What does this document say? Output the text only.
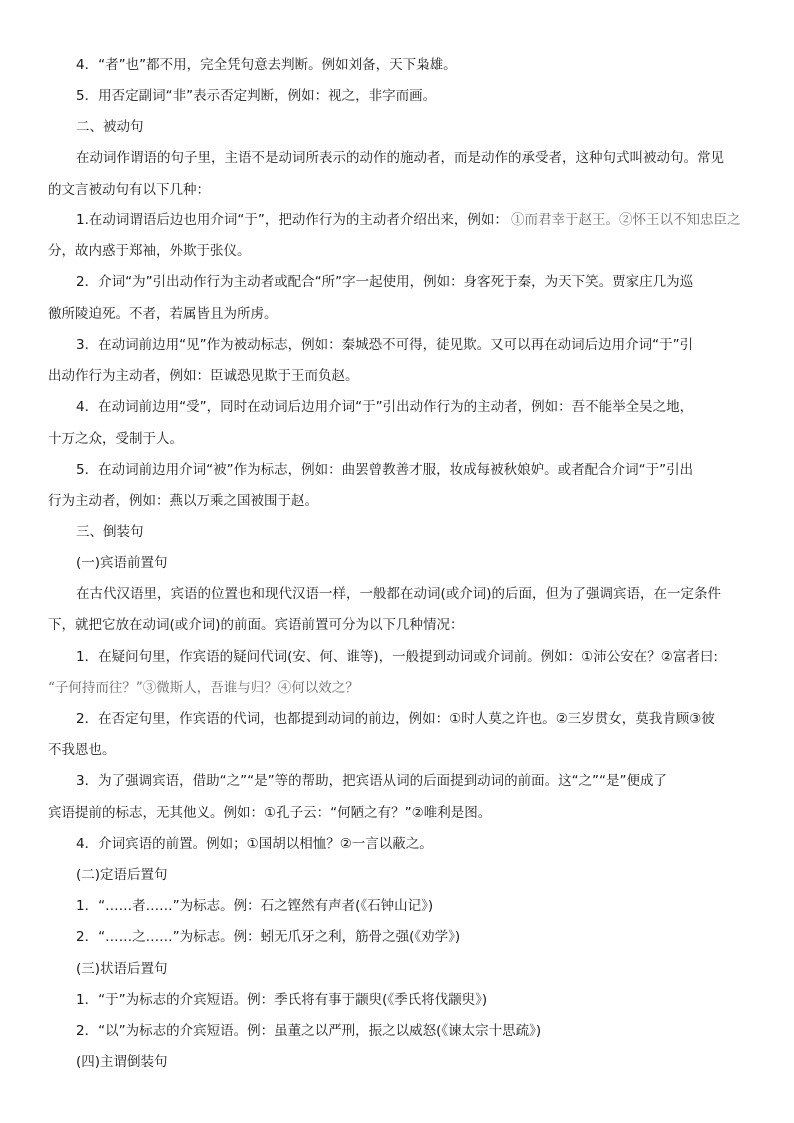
4．“者”也”都不用，完全凭句意去判断。例如刘备，天下枭雄。
5．用否定副词“非”表示否定判断，例如：视之，非字而画。
二、被动句
在动词作谓语的句子里，主语不是动词所表示的动作的施动者，而是动作的承受者，这种句式叫被动句。常见
的文言被动句有以下几种：
1.在动词谓语后边也用介词“于”，把动作行为的主动者介绍出来，例如： ①而君幸于赵王。②怀王以不知忠臣之
分，故内惑于郑袖，外欺于张仪。
2．介词“为”引出动作行为主动者或配合“所”字一起使用，例如：身客死于秦，为天下笑。贾家庄几为巡
徼所陵迫死。不者，若属皆且为所虏。
3．在动词前边用“见”作为被动标志，例如：秦城恐不可得，徒见欺。又可以再在动词后边用介词“于”引
出动作行为主动者，例如：臣诚恐见欺于王而负赵。
4．在动词前边用“受”，同时在动词后边用介词“于”引出动作行为的主动者，例如：吾不能举全吴之地，
十万之众，受制于人。
5．在动词前边用介词“被”作为标志，例如：曲罢曾教善才服，妆成每被秋娘妒。或者配合介词“于”引出
行为主动者，例如：燕以万乘之国被围于赵。
三、倒装句
(一)宾语前置句
在古代汉语里，宾语的位置也和现代汉语一样，一般都在动词(或介词)的后面，但为了强调宾语，在一定条件
下，就把它放在动词(或介词)的前面。宾语前置可分为以下几种情况：
1．在疑问句里，作宾语的疑问代词(安、何、谁等)，一般提到动词或介词前。例如：①沛公安在？②富者曰:
“子何持而往？”③微斯人，吾谁与归？④何以效之？
2．在否定句里，作宾语的代词，也都提到动词的前边，例如：①时人莫之许也。②三岁贯女，莫我肯顾③彼
不我恩也。
3．为了强调宾语，借助“之”“是”等的帮助，把宾语从词的后面提到动词的前面。这“之”“是”便成了
宾语提前的标志，无其他义。例如：①孔子云：“何陋之有？”②唯利是图。
4．介词宾语的前置。例如；①国胡以相恤？②一言以蔽之。
(二)定语后置句
1．“……者……”为标志。例：石之铿然有声者(《石钟山记》)
2．“……之……”为标志。例：蚓无爪牙之利，筋骨之强(《劝学》)
(三)状语后置句
1．“于”为标志的介宾短语。例：季氏将有事于颛臾(《季氏将伐颛臾》)
2．“以”为标志的介宾短语。例：虽董之以严刑，振之以威怒(《谏太宗十思疏》)
(四)主谓倒装句
